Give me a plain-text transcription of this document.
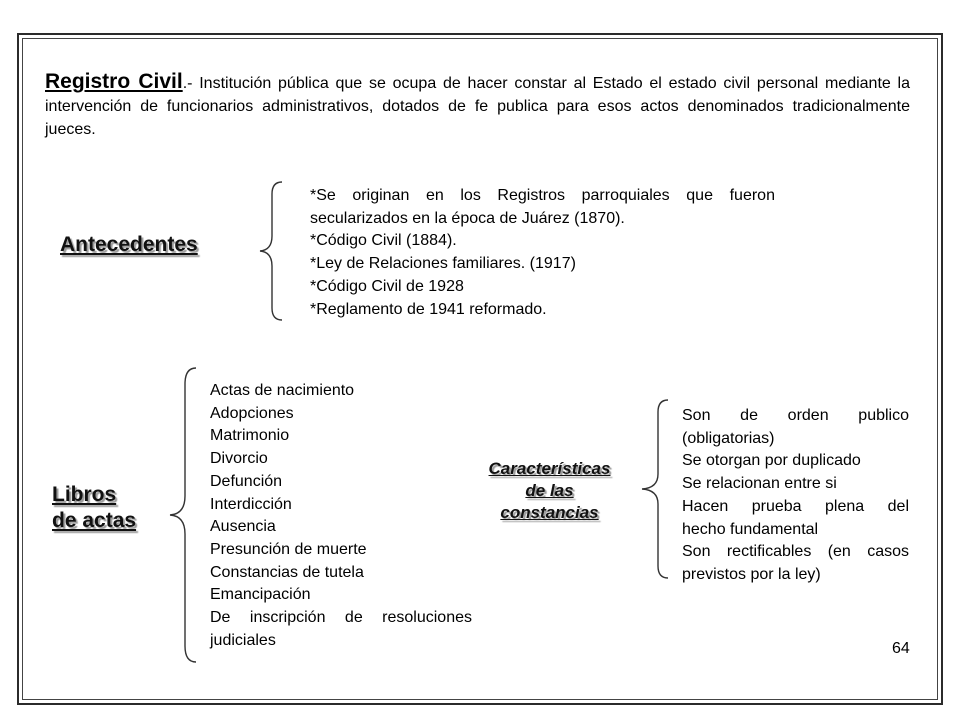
Registro Civil.- Institución pública que se ocupa de hacer constar al Estado el estado civil personal mediante la intervención de funcionarios administrativos, dotados de fe publica para esos actos denominados tradicionalmente jueces.
Antecedentes
*Se originan en los Registros parroquiales que fueron
secularizados en la época de Juárez (1870).
*Código Civil (1884).
*Ley de Relaciones familiares. (1917)
*Código Civil de 1928
*Reglamento de 1941 reformado.
Libros
de actas
Actas de nacimiento
Adopciones
Matrimonio
Divorcio
Defunción
Interdicción
Ausencia
Presunción de muerte
Constancias de tutela
Emancipación
De inscripción de resoluciones
judiciales
Características
de las
constancias
Son de orden publico
(obligatorias)
Se otorgan por duplicado
Se relacionan entre si
Hacen prueba plena del
hecho fundamental
Son rectificables (en casos
previstos por la ley)
64
